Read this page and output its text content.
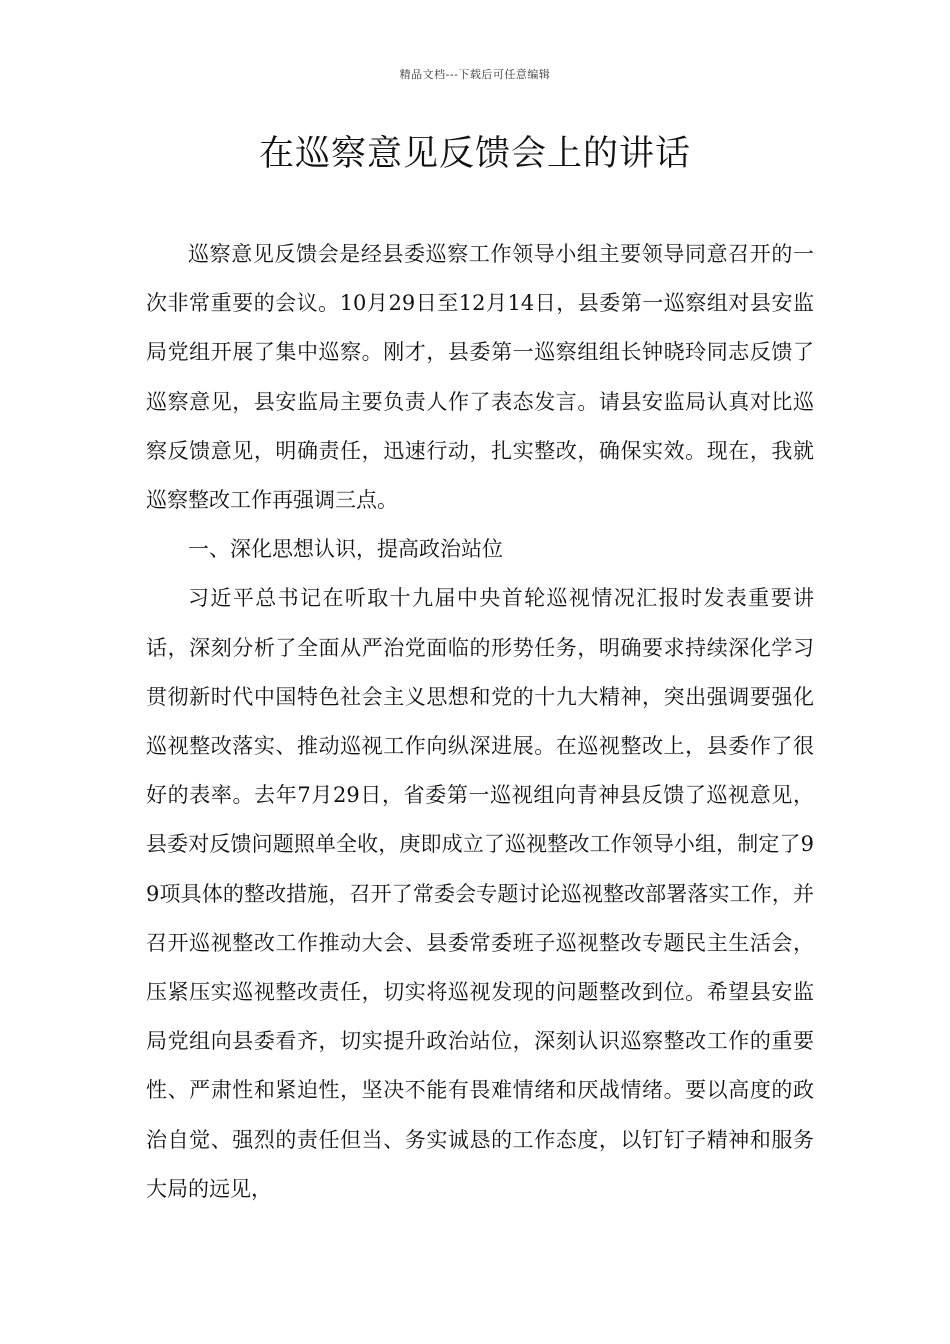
精品文档---下载后可任意编辑
在巡察意见反馈会上的讲话

巡察意见反馈会是经县委巡察工作领导小组主要领导同意召开的一次非常重要的会议。10月29日至12月14日，县委第一巡察组对县安监局党组开展了集中巡察。刚才，县委第一巡察组组长钟晓玲同志反馈了巡察意见，县安监局主要负责人作了表态发言。请县安监局认真对比巡察反馈意见，明确责任，迅速行动，扎实整改，确保实效。现在，我就巡察整改工作再强调三点。

一、深化思想认识，提高政治站位

习近平总书记在听取十九届中央首轮巡视情况汇报时发表重要讲话，深刻分析了全面从严治党面临的形势任务，明确要求持续深化学习贯彻新时代中国特色社会主义思想和党的十九大精神，突出强调要强化巡视整改落实、推动巡视工作向纵深进展。在巡视整改上，县委作了很好的表率。去年7月29日，省委第一巡视组向青神县反馈了巡视意见，县委对反馈问题照单全收，庚即成立了巡视整改工作领导小组，制定了99项具体的整改措施，召开了常委会专题讨论巡视整改部署落实工作，并召开巡视整改工作推动大会、县委常委班子巡视整改专题民主生活会，压紧压实巡视整改责任，切实将巡视发现的问题整改到位。希望县安监局党组向县委看齐，切实提升政治站位，深刻认识巡察整改工作的重要性、严肃性和紧迫性，坚决不能有畏难情绪和厌战情绪。要以高度的政治自觉、强烈的责任但当、务实诚恳的工作态度，以钉钉子精神和服务大局的远见，
